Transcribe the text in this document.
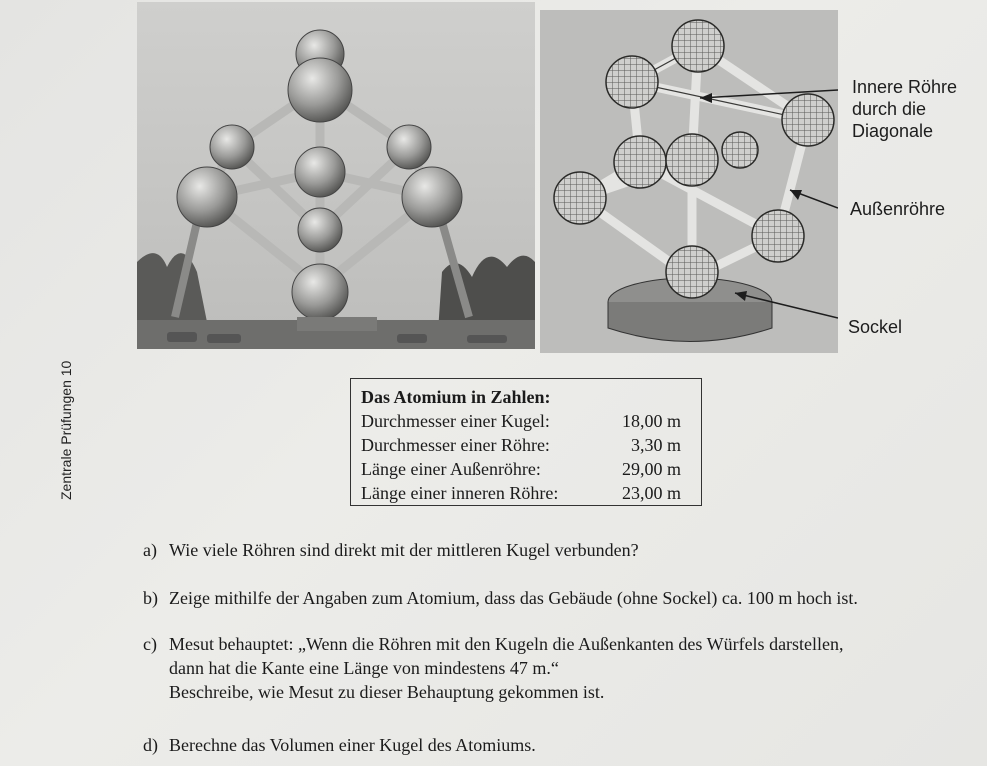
Zentrale Prüfungen 10
Innere Röhre
durch die
Diagonale
Außenröhre
Sockel
Das Atomium in Zahlen:
Durchmesser einer Kugel:	18,00 m
Durchmesser einer Röhre:	3,30 m
Länge einer Außenröhre:	29,00 m
Länge einer inneren Röhre:	23,00 m
a) Wie viele Röhren sind direkt mit der mittleren Kugel verbunden?
b) Zeige mithilfe der Angaben zum Atomium, dass das Gebäude (ohne Sockel) ca. 100 m hoch ist.
c) Mesut behauptet: „Wenn die Röhren mit den Kugeln die Außenkanten des Würfels darstellen,
dann hat die Kante eine Länge von mindestens 47 m.“
Beschreibe, wie Mesut zu dieser Behauptung gekommen ist.
d) Berechne das Volumen einer Kugel des Atomiums.
